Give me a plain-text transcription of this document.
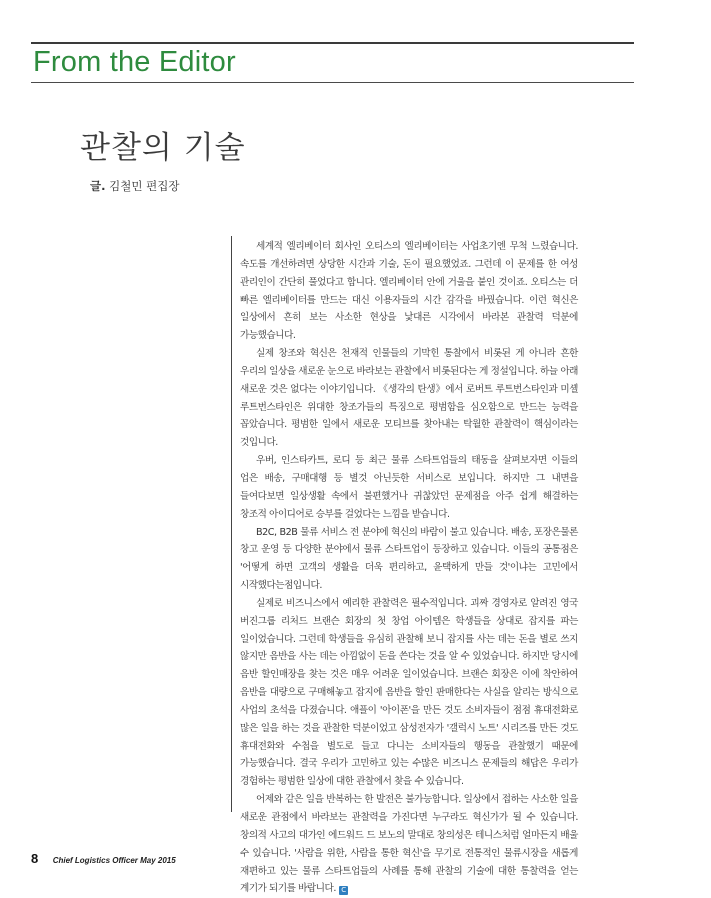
From the Editor
관찰의 기술
글. 김철민 편집장

세계적 엘리베이터 회사인 오티스의 엘리베이터는 사업초기엔 무척 느렸습니다. 속도를 개선하려면 상당한 시간과 기술, 돈이 필요했었죠. 그런데 이 문제를 한 여성 관리인이 간단히 풀었다고 합니다. 엘리베이터 안에 거울을 붙인 것이죠. 오티스는 더 빠른 엘리베이터를 만드는 대신 이용자들의 시간 감각을 바꿨습니다. 이런 혁신은 일상에서 흔히 보는 사소한 현상을 낯대른 시각에서 바라본 관찰력 덕분에 가능했습니다.

실제 창조와 혁신은 천재적 인물들의 기막힌 통찰에서 비롯된 게 아니라 흔한 우리의 일상을 새로운 눈으로 바라보는 관찰에서 비롯된다는 게 정설입니다. 하늘 아래 새로운 것은 없다는 이야기입니다. 《생각의 탄생》에서 로버트 루트번스타인과 미셸 루트번스타인은 위대한 창조가들의 특징으로 평범함을 심오함으로 만드는 능력을 꼽았습니다. 평범한 일에서 새로운 모티브를 찾아내는 탁월한 관찰력이 핵심이라는 것입니다.

우버, 인스타카트, 로디 등 최근 물류 스타트업들의 태동을 살펴보자면 이들의 업은 배송, 구매대행 등 별것 아닌듯한 서비스로 보입니다. 하지만 그 내면을 들여다보면 일상생활 속에서 불편했거나 귀찮았던 문제점을 아주 쉽게 해결하는 창조적 아이디어로 승부를 걸었다는 느낌을 받습니다.

B2C, B2B 물류 서비스 전 분야에 혁신의 바람이 불고 있습니다. 배송, 포장은물론 창고 운영 등 다양한 분야에서 물류 스타트업이 등장하고 있습니다. 이들의 공통점은 '어떻게 하면 고객의 생활을 더욱 편리하고, 윤택하게 만들 것'이냐는 고민에서 시작했다는점입니다.

실제로 비즈니스에서 예리한 관찰력은 필수적입니다. 괴짜 경영자로 알려진 영국 버진그룹 리처드 브랜슨 회장의 첫 창업 아이템은 학생들을 상대로 잡지를 파는 일이었습니다. 그런데 학생들을 유심히 관찰해 보니 잡지를 사는 데는 돈을 별로 쓰지 않지만 음반을 사는 데는 아낌없이 돈을 쓴다는 것을 알 수 있었습니다. 하지만 당시에 음반 할인매장을 찾는 것은 매우 어려운 일이었습니다. 브랜슨 회장은 이에 착안하여 음반을 대량으로 구매해놓고 잡지에 음반을 할인 판매한다는 사실을 알리는 방식으로 사업의 초석을 다졌습니다. 애플이 '아이폰'을 만든 것도 소비자들이 점점 휴대전화로 많은 일을 하는 것을 관찰한 덕분이었고 삼성전자가 '갤럭시 노트' 시리즈를 만든 것도 휴대전화와 수첩을 별도로 들고 다니는 소비자들의 행동을 관찰했기 때문에 가능했습니다. 결국 우리가 고민하고 있는 수많은 비즈니스 문제들의 해답은 우리가 경험하는 평범한 일상에 대한 관찰에서 찾을 수 있습니다.

어제와 같은 일을 반복하는 한 발전은 불가능합니다. 일상에서 접하는 사소한 일을 새로운 관점에서 바라보는 관찰력을 가진다면 누구라도 혁신가가 될 수 있습니다. 창의적 사고의 대가인 에드워드 드 보노의 말대로 창의성은 테니스처럼 얼마든지 배울 수 있습니다. '사람을 위한, 사람을 통한 혁신'을 무기로 전통적인 물류시장을 새롭게 재편하고 있는 물류 스타트업들의 사례를 통해 관찰의 기술에 대한 통찰력을 얻는 계기가 되기를 바랍니다. C

8 Chief Logistics Officer May 2015
